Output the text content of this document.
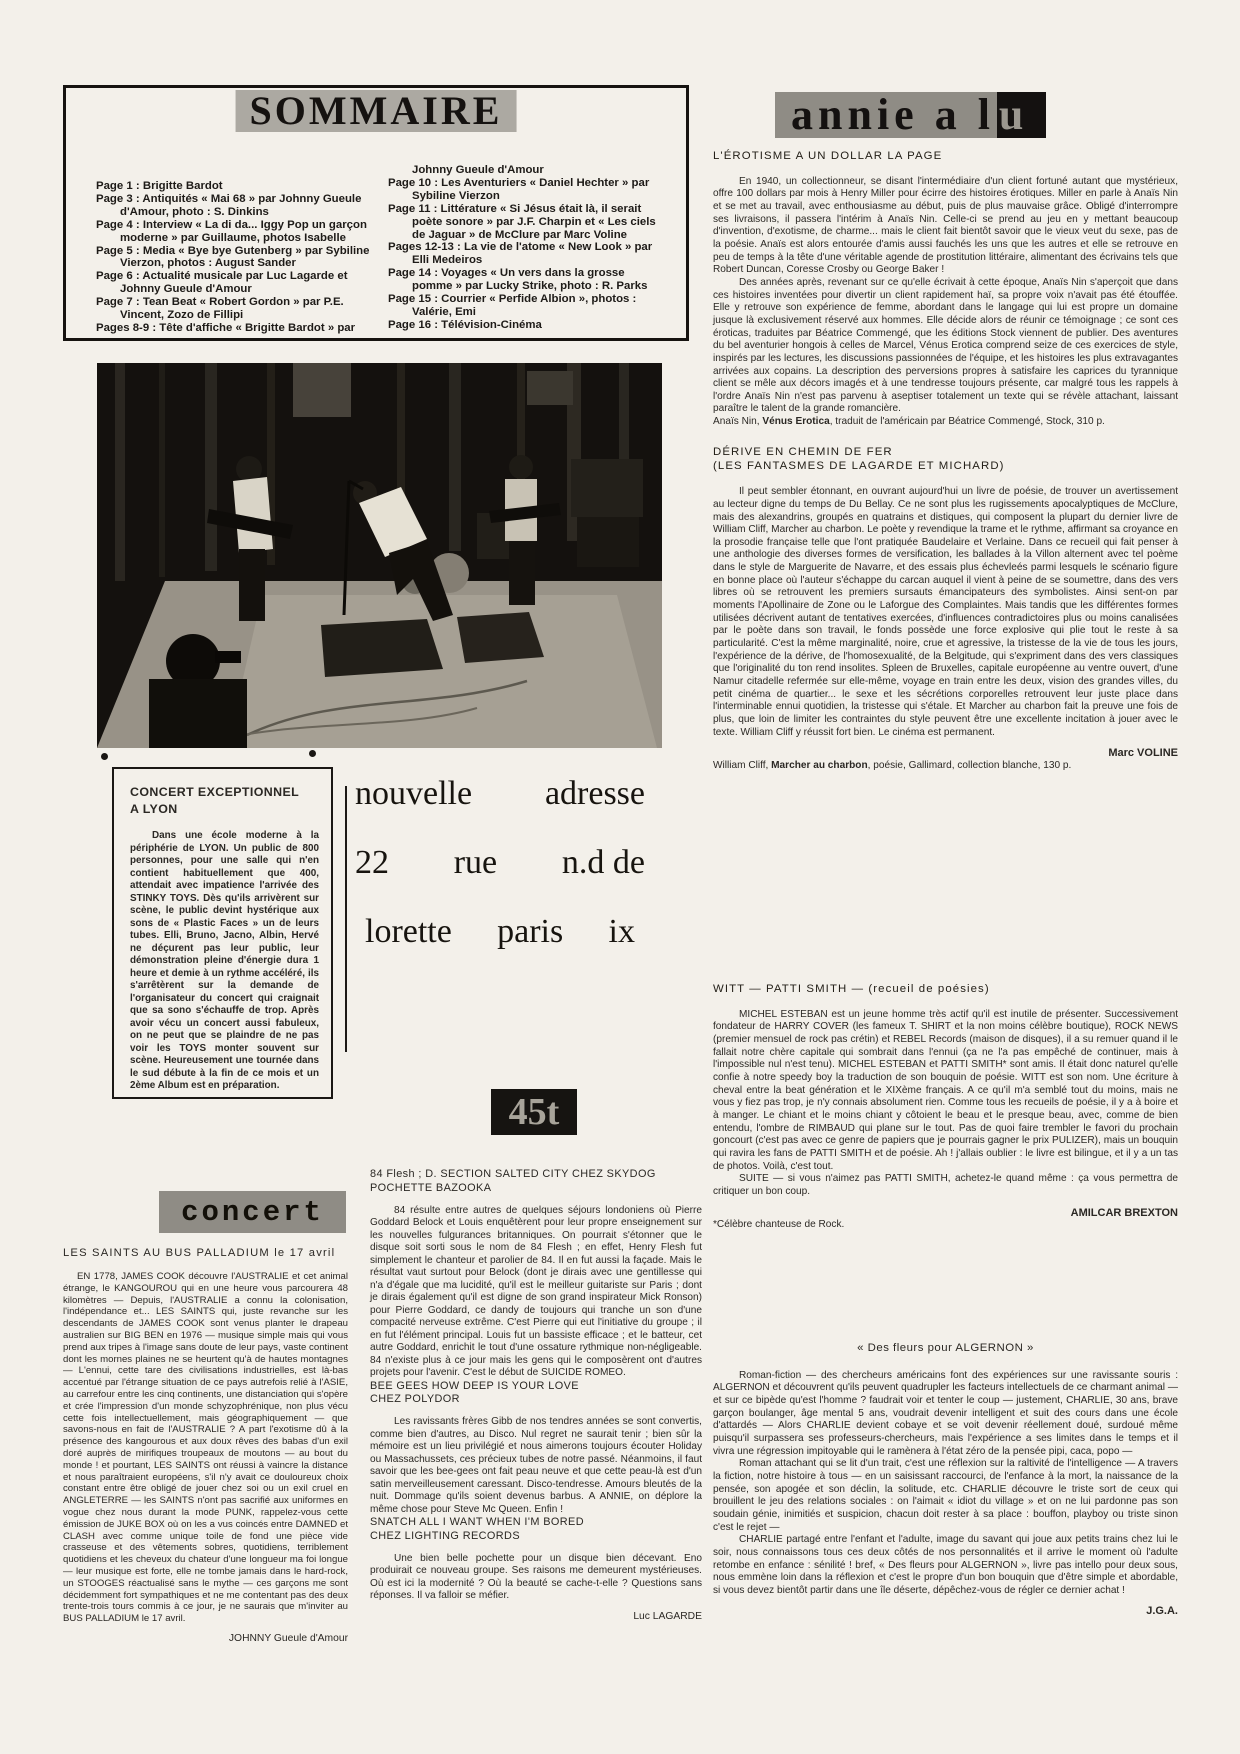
SOMMAIRE
Page 1 : Brigitte Bardot
Page 3 : Antiquités « Mai 68 » par Johnny Gueule d'Amour, photo : S. Dinkins
Page 4 : Interview « La di da... Iggy Pop un garçon moderne » par Guillaume, photos Isabelle
Page 5 : Media « Bye bye Gutenberg » par Sybiline Vierzon, photos : August Sander
Page 6 : Actualité musicale par Luc Lagarde et Johnny Gueule d'Amour
Page 7 : Tean Beat « Robert Gordon » par P.E. Vincent, Zozo de Fillipi
Pages 8-9 : Tête d'affiche « Brigitte Bardot » par
Johnny Gueule d'Amour
Page 10 : Les Aventuriers « Daniel Hechter » par Sybiline Vierzon
Page 11 : Littérature « Si Jésus était là, il serait poète sonore » par J.F. Charpin et « Les ciels de Jaguar » de McClure par Marc Voline
Pages 12-13 : La vie de l'atome « New Look » par Elli Medeiros
Page 14 : Voyages « Un vers dans la grosse pomme » par Lucky Strike, photo : R. Parks
Page 15 : Courrier « Perfide Albion », photos : Valérie, Emi
Page 16 : Télévision-Cinéma
annie a l u
CONCERT EXCEPTIONNEL
A LYON

Dans une école moderne à la périphérie de LYON. Un public de 800 personnes, pour une salle qui n'en contient habituellement que 400, attendait avec impatience l'arrivée des STINKY TOYS. Dès qu'ils arrivèrent sur scène, le public devint hystérique aux sons de « Plastic Faces » un de leurs tubes. Elli, Bruno, Jacno, Albin, Hervé ne déçurent pas leur public, leur démonstration pleine d'énergie dura 1 heure et demie à un rythme accéléré, ils s'arrêtèrent sur la demande de l'organisateur du concert qui craignait que sa sono s'échauffe de trop. Après avoir vécu un concert aussi fabuleux, on ne peut que se plaindre de ne pas voir les TOYS monter souvent sur scène. Heureusement une tournée dans le sud débute à la fin de ce mois et un 2ème Album est en préparation.

nouvelle adresse
22 rue n.d de
lorette paris ix
45t
concert
LES SAINTS AU BUS PALLADIUM le 17 avril

EN 1778, JAMES COOK découvre l'AUSTRALIE et cet animal étrange, le KANGOUROU qui en une heure vous parcourera 48 kilomètres — Depuis, l'AUSTRALIE a connu la colonisation, l'indépendance et... LES SAINTS qui, juste revanche sur les descendants de JAMES COOK sont venus planter le drapeau australien sur BIG BEN en 1976 — musique simple mais qui vous prend aux tripes à l'image sans doute de leur pays, vaste continent dont les mornes plaines ne se heurtent qu'à de hautes montagnes — L'ennui, cette tare des civilisations industrielles, est là-bas accentué par l'étrange situation de ce pays autrefois relié à l'ASIE, au carrefour entre les cinq continents, une distanciation qui s'opère et crée l'impression d'un monde schyzophrénique, non plus vécu cette fois intellectuellement, mais géographiquement — que savons-nous en fait de l'AUSTRALIE ? A part l'exotisme dû à la présence des kangourous et aux doux rêves des babas d'un exil doré auprès de mirifiques troupeaux de moutons — au bout du monde ! et pourtant, LES SAINTS ont réussi à vaincre la distance et nous paraîtraient européens, s'il n'y avait ce douloureux choix constant entre être obligé de jouer chez soi ou un exil cruel en ANGLETERRE — les SAINTS n'ont pas sacrifié aux uniformes en vogue chez nous durant la mode PUNK, rappelez-vous cette émission de JUKE BOX où on les a vus coincés entre DAMNED et CLASH avec comme unique toile de fond une pièce vide crasseuse et des vêtements sobres, quotidiens, terriblement quotidiens et les cheveux du chateur d'une longueur ma foi longue — leur musique est forte, elle ne tombe jamais dans le hard-rock, un STOOGES réactualisé sans le mythe — ces garçons me sont décidemment fort sympathiques et ne me contentant pas des deux trente-trois tours commis à ce jour, je ne saurais que m'inviter au BUS PALLADIUM le 17 avril.

JOHNNY Gueule d'Amour
84 Flesh ; D. SECTION SALTED CITY CHEZ SKYDOG
POCHETTE BAZOOKA

84 résulte entre autres de quelques séjours londoniens où Pierre Goddard Belock et Louis enquêtèrent pour leur propre enseignement sur les nouvelles fulgurances britanniques. On pourrait s'étonner que le disque soit sorti sous le nom de 84 Flesh ; en effet, Henry Flesh fut simplement le chanteur et parolier de 84. Il en fut aussi la façade. Mais le résultat vaut surtout pour Belock (dont je dirais avec une gentillesse qui n'a d'égale que ma lucidité, qu'il est le meilleur guitariste sur Paris ; dont je dirais également qu'il est digne de son grand inspirateur Mick Ronson) pour Pierre Goddard, ce dandy de toujours qui tranche un son d'une compacité nerveuse extrême. C'est Pierre qui eut l'initiative du groupe ; il en fut l'élément principal. Louis fut un bassiste efficace ; et le batteur, cet autre Goddard, enrichit le tout d'une ossature rythmique non-négligeable. 84 n'existe plus à ce jour mais les gens qui le composèrent ont d'autres projets pour l'avenir. C'est le début de SUICIDE ROMEO.

BEE GEES HOW DEEP IS YOUR LOVE
CHEZ POLYDOR

Les ravissants frères Gibb de nos tendres années se sont convertis, comme bien d'autres, au Disco. Nul regret ne saurait tenir ; bien sûr la mémoire est un lieu privilégié et nous aimerons toujours écouter Holiday ou Massachussets, ces précieux tubes de notre passé. Néanmoins, il faut savoir que les bee-gees ont fait peau neuve et que cette peau-là est d'un satin merveilleusement caressant. Disco-tendresse. Amours bleutés de la nuit. Dommage qu'ils soient devenus barbus. A ANNIE, on déplore la même chose pour Steve Mc Queen. Enfin !

SNATCH ALL I WANT WHEN I'M BORED
CHEZ LIGHTING RECORDS

Une bien belle pochette pour un disque bien décevant. Eno produirait ce nouveau groupe. Ses raisons me demeurent mystérieuses. Où est ici la modernité ? Où la beauté se cache-t-elle ? Questions sans réponses. Il va falloir se méfier.

Luc LAGARDE
L'ÉROTISME A UN DOLLAR LA PAGE

En 1940, un collectionneur, se disant l'intermédiaire d'un client fortuné autant que mystérieux, offre 100 dollars par mois à Henry Miller pour écirre des histoires érotiques. Miller en parle à Anaïs Nin et se met au travail, avec enthousiasme au début, puis de plus mauvaise grâce. Obligé d'interrompre ses livraisons, il passera l'intérim à Anaïs Nin. Celle-ci se prend au jeu en y mettant beaucoup d'invention, d'exotisme, de charme... mais le client fait bientôt savoir que le vieux veut du sexe, pas de la poésie. Anaïs est alors entourée d'amis aussi fauchés les uns que les autres et elle se retrouve en peu de temps à la tête d'une véritable agende de prostitution littéraire, alimentant des écrivains tels que Robert Duncan, Coresse Crosby ou George Baker !

Des années après, revenant sur ce qu'elle écrivait à cette époque, Anaïs Nin s'aperçoit que dans ces histoires inventées pour divertir un client rapidement haï, sa propre voix n'avait pas été étouffée. Elle y retrouve son expérience de femme, abordant dans le langage qui lui est propre un domaine jusque là exclusivement réservé aux hommes. Elle décide alors de réunir ce témoignage ; ce sont ces éroticas, traduites par Béatrice Commengé, que les éditions Stock viennent de publier. Des aventures du bel aventurier hongois à celles de Marcel, Vénus Erotica comprend seize de ces exercices de style, inspirés par les lectures, les discussions passionnées de l'équipe, et les histoires les plus extravagantes arrivées aux copains. La description des perversions propres à satisfaire les caprices du tyrannique client se mêle aux décors imagés et à une tendresse toujours présente, car malgré tous les rappels à l'ordre Anaïs Nin n'est pas parvenu à aseptiser totalement un texte qui se révèle attachant, laissant paraître le talent de la grande romancière.

Anaïs Nin, Vénus Erotica, traduit de l'américain par Béatrice Commengé, Stock, 310 p.

DÉRIVE EN CHEMIN DE FER
(LES FANTASMES DE LAGARDE ET MICHARD)

Il peut sembler étonnant, en ouvrant aujourd'hui un livre de poésie, de trouver un avertissement au lecteur digne du temps de Du Bellay. Ce ne sont plus les rugissements apocalyptiques de McClure, mais des alexandrins, groupés en quatrains et distiques, qui composent la plupart du dernier livre de William Cliff, Marcher au charbon. Le poète y revendique la trame et le rythme, affirmant sa croyance en la prosodie française telle que l'ont pratiquée Baudelaire et Verlaine. Dans ce recueil qui fait penser à une anthologie des diverses formes de versification, les ballades à la Villon alternent avec tel poème dans le style de Marguerite de Navarre, et des essais plus échevleés parmi lesquels le scénario figure en bonne place où l'auteur s'échappe du carcan auquel il vient à peine de se soumettre, dans des vers libres où se retrouvent les premiers sursauts émancipateurs des symbolistes. Ainsi sent-on par moments l'Apollinaire de Zone ou le Laforgue des Complaintes. Mais tandis que les différentes formes utilisées décrivent autant de tentatives exercées, d'influences contradictoires plus ou moins canalisées par le poète dans son travail, le fonds possède une force explosive qui plie tout le reste à sa particularité. C'est la même marginalité, noire, crue et agressive, la tristesse de la vie de tous les jours, l'expérience de la dérive, de l'homosexualité, de la Belgitude, qui s'expriment dans des vers classiques que l'originalité du ton rend insolites. Spleen de Bruxelles, capitale européenne au ventre ouvert, d'une Namur citadelle refermée sur elle-même, voyage en train entre les deux, vision des grandes villes, du petit cinéma de quartier... le sexe et les sécrétions corporelles retrouvent leur juste place dans l'interminable ennui quotidien, la tristesse qui s'étale. Et Marcher au charbon fait la preuve une fois de plus, que loin de limiter les contraintes du style peuvent être une excellente incitation à jouer avec le texte. William Cliff y réussit fort bien. Le cinéma est permanent.

Marc VOLINE

William Cliff, Marcher au charbon, poésie, Gallimard, collection blanche, 130 p.

WITT — PATTI SMITH — (recueil de poésies)

MICHEL ESTEBAN est un jeune homme très actif qu'il est inutile de présenter. Successivement fondateur de HARRY COVER (les fameux T. SHIRT et la non moins célèbre boutique), ROCK NEWS (premier mensuel de rock pas crétin) et REBEL Records (maison de disques), il a su remuer quand il le fallait notre chère capitale qui sombrait dans l'ennui (ça ne l'a pas empêché de continuer, mais à l'impossible nul n'est tenu). MICHEL ESTEBAN et PATTI SMITH* sont amis. Il était donc naturel qu'elle confie à notre speedy boy la traduction de son bouquin de poésie. WITT est son nom. Une écriture à cheval entre la beat génération et le XIXème français. A ce qu'il m'a semblé tout du moins, mais ne vous y fiez pas trop, je n'y connais absolument rien. Comme tous les recueils de poésie, il y a à boire et à manger. Le chiant et le moins chiant y côtoient le beau et le presque beau, avec, comme de bien entendu, l'ombre de RIMBAUD qui plane sur le tout. Pas de quoi faire trembler le favori du prochain goncourt (c'est pas avec ce genre de papiers que je pourrais gagner le prix PULIZER), mais un bouquin qui ravira les fans de PATTI SMITH et de poésie. Ah ! j'allais oublier : le livre est bilingue, et il y a un tas de photos. Voilà, c'est tout.

SUITE — si vous n'aimez pas PATTI SMITH, achetez-le quand même : ça vous permettra de critiquer un bon coup.

AMILCAR BREXTON

*Célèbre chanteuse de Rock.

« Des fleurs pour ALGERNON »

Roman-fiction — des chercheurs américains font des expériences sur une ravissante souris : ALGERNON et découvrent qu'ils peuvent quadrupler les facteurs intellectuels de ce charmant animal — et sur ce bipède qu'est l'homme ? faudrait voir et tenter le coup — justement, CHARLIE, 30 ans, brave garçon boulanger, âge mental 5 ans, voudrait devenir intelligent et suit des cours dans une école d'attardés — Alors CHARLIE devient cobaye et se voit devenir réellement doué, surdoué même puisqu'il surpassera ses professeurs-chercheurs, mais l'expérience a ses limites dans le temps et il vivra une régression impitoyable qui le ramènera à l'état zéro de la pensée pipi, caca, popo —

Roman attachant qui se lit d'un trait, c'est une réflexion sur la raltivité de l'intelligence — A travers la fiction, notre histoire à tous — en un saisissant raccourci, de l'enfance à la mort, la naissance de la pensée, son apogée et son déclin, la solitude, etc. CHARLIE découvre le triste sort de ceux qui brouillent le jeu des relations sociales : on l'aimait « idiot du village » et on ne lui pardonne pas son soudain génie, inimitiés et suspicion, chacun doit rester à sa place : bouffon, playboy ou triste sinon c'est le rejet —

CHARLIE partagé entre l'enfant et l'adulte, image du savant qui joue aux petits trains chez lui le soir, nous connaissons tous ces deux côtés de nos personnalités et il arrive le moment où l'adulte retombe en enfance : sénilité ! bref, « Des fleurs pour ALGERNON », livre pas intello pour deux sous, nous emmène loin dans la réflexion et c'est le propre d'un bon bouquin que d'être simple et abordable, si vous devez bientôt partir dans une île déserte, dépêchez-vous de régler ce dernier achat !

J.G.A.
